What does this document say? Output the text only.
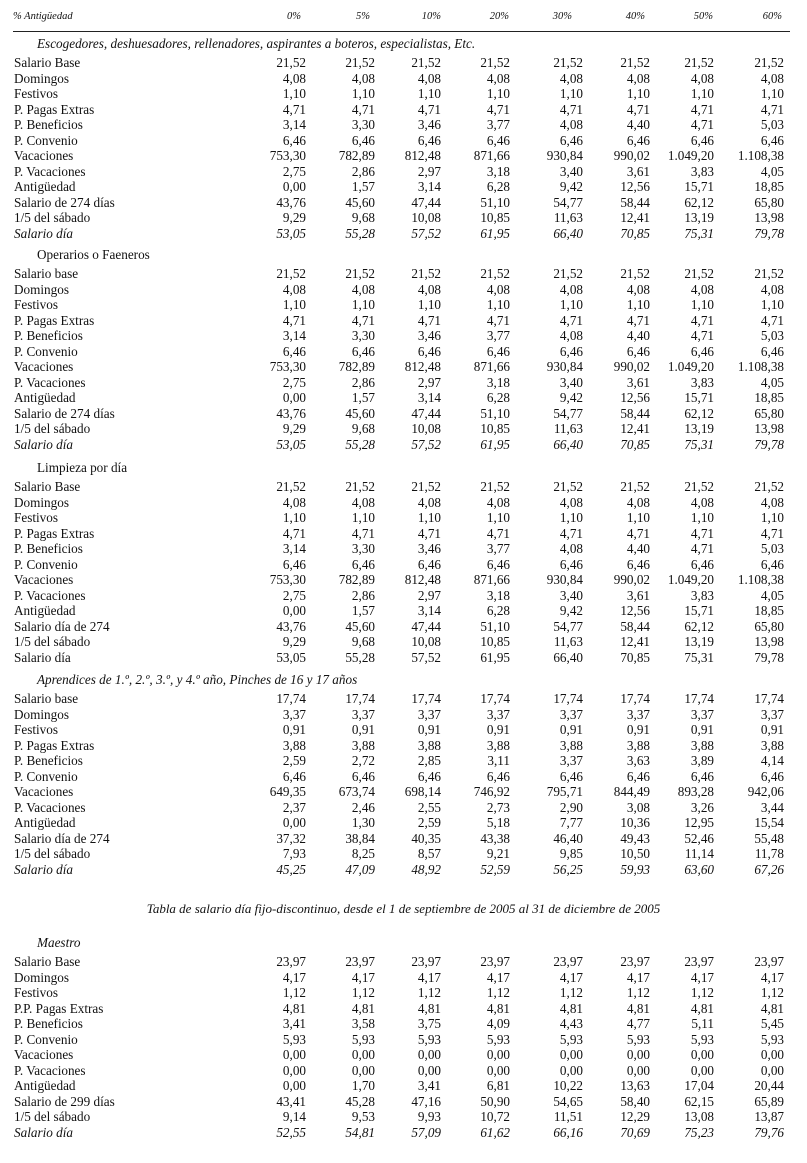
% Antigüedad	0%	5%	10%	20%	30%	40%	50%	60%
Escogedores, deshuesadores, rellenadores, aspirantes a boteros, especialistas, Etc.
Salario Base	21,52	21,52	21,52	21,52	21,52	21,52	21,52	21,52
Domingos	4,08	4,08	4,08	4,08	4,08	4,08	4,08	4,08
Festivos	1,10	1,10	1,10	1,10	1,10	1,10	1,10	1,10
P. Pagas Extras	4,71	4,71	4,71	4,71	4,71	4,71	4,71	4,71
P. Beneficios	3,14	3,30	3,46	3,77	4,08	4,40	4,71	5,03
P. Convenio	6,46	6,46	6,46	6,46	6,46	6,46	6,46	6,46
Vacaciones	753,30	782,89	812,48	871,66	930,84	990,02	1.049,20	1.108,38
P. Vacaciones	2,75	2,86	2,97	3,18	3,40	3,61	3,83	4,05
Antigüedad	0,00	1,57	3,14	6,28	9,42	12,56	15,71	18,85
Salario de 274 días	43,76	45,60	47,44	51,10	54,77	58,44	62,12	65,80
1/5 del sábado	9,29	9,68	10,08	10,85	11,63	12,41	13,19	13,98
Salario día	53,05	55,28	57,52	61,95	66,40	70,85	75,31	79,78
Operarios o Faeneros
Salario base	21,52	21,52	21,52	21,52	21,52	21,52	21,52	21,52
Domingos	4,08	4,08	4,08	4,08	4,08	4,08	4,08	4,08
Festivos	1,10	1,10	1,10	1,10	1,10	1,10	1,10	1,10
P. Pagas Extras	4,71	4,71	4,71	4,71	4,71	4,71	4,71	4,71
P. Beneficios	3,14	3,30	3,46	3,77	4,08	4,40	4,71	5,03
P. Convenio	6,46	6,46	6,46	6,46	6,46	6,46	6,46	6,46
Vacaciones	753,30	782,89	812,48	871,66	930,84	990,02	1.049,20	1.108,38
P. Vacaciones	2,75	2,86	2,97	3,18	3,40	3,61	3,83	4,05
Antigüedad	0,00	1,57	3,14	6,28	9,42	12,56	15,71	18,85
Salario de 274 días	43,76	45,60	47,44	51,10	54,77	58,44	62,12	65,80
1/5 del sábado	9,29	9,68	10,08	10,85	11,63	12,41	13,19	13,98
Salario día	53,05	55,28	57,52	61,95	66,40	70,85	75,31	79,78
Limpieza por día
Salario Base	21,52	21,52	21,52	21,52	21,52	21,52	21,52	21,52
Domingos	4,08	4,08	4,08	4,08	4,08	4,08	4,08	4,08
Festivos	1,10	1,10	1,10	1,10	1,10	1,10	1,10	1,10
P. Pagas Extras	4,71	4,71	4,71	4,71	4,71	4,71	4,71	4,71
P. Beneficios	3,14	3,30	3,46	3,77	4,08	4,40	4,71	5,03
P. Convenio	6,46	6,46	6,46	6,46	6,46	6,46	6,46	6,46
Vacaciones	753,30	782,89	812,48	871,66	930,84	990,02	1.049,20	1.108,38
P. Vacaciones	2,75	2,86	2,97	3,18	3,40	3,61	3,83	4,05
Antigüedad	0,00	1,57	3,14	6,28	9,42	12,56	15,71	18,85
Salario día de 274	43,76	45,60	47,44	51,10	54,77	58,44	62,12	65,80
1/5 del sábado	9,29	9,68	10,08	10,85	11,63	12,41	13,19	13,98
Salario día	53,05	55,28	57,52	61,95	66,40	70,85	75,31	79,78
Aprendices de 1.º, 2.º, 3.º, y 4.º año, Pinches de 16 y 17 años
Salario base	17,74	17,74	17,74	17,74	17,74	17,74	17,74	17,74
Domingos	3,37	3,37	3,37	3,37	3,37	3,37	3,37	3,37
Festivos	0,91	0,91	0,91	0,91	0,91	0,91	0,91	0,91
P. Pagas Extras	3,88	3,88	3,88	3,88	3,88	3,88	3,88	3,88
P. Beneficios	2,59	2,72	2,85	3,11	3,37	3,63	3,89	4,14
P. Convenio	6,46	6,46	6,46	6,46	6,46	6,46	6,46	6,46
Vacaciones	649,35	673,74	698,14	746,92	795,71	844,49	893,28	942,06
P. Vacaciones	2,37	2,46	2,55	2,73	2,90	3,08	3,26	3,44
Antigüedad	0,00	1,30	2,59	5,18	7,77	10,36	12,95	15,54
Salario día de 274	37,32	38,84	40,35	43,38	46,40	49,43	52,46	55,48
1/5 del sábado	7,93	8,25	8,57	9,21	9,85	10,50	11,14	11,78
Salario día	45,25	47,09	48,92	52,59	56,25	59,93	63,60	67,26
Tabla de salario día fijo-discontinuo, desde el 1 de septiembre de 2005 al 31 de diciembre de 2005
Maestro
Salario Base	23,97	23,97	23,97	23,97	23,97	23,97	23,97	23,97
Domingos	4,17	4,17	4,17	4,17	4,17	4,17	4,17	4,17
Festivos	1,12	1,12	1,12	1,12	1,12	1,12	1,12	1,12
P.P. Pagas Extras	4,81	4,81	4,81	4,81	4,81	4,81	4,81	4,81
P. Beneficios	3,41	3,58	3,75	4,09	4,43	4,77	5,11	5,45
P. Convenio	5,93	5,93	5,93	5,93	5,93	5,93	5,93	5,93
Vacaciones	0,00	0,00	0,00	0,00	0,00	0,00	0,00	0,00
P. Vacaciones	0,00	0,00	0,00	0,00	0,00	0,00	0,00	0,00
Antigüedad	0,00	1,70	3,41	6,81	10,22	13,63	17,04	20,44
Salario de 299 días	43,41	45,28	47,16	50,90	54,65	58,40	62,15	65,89
1/5 del sábado	9,14	9,53	9,93	10,72	11,51	12,29	13,08	13,87
Salario día	52,55	54,81	57,09	61,62	66,16	70,69	75,23	79,76
